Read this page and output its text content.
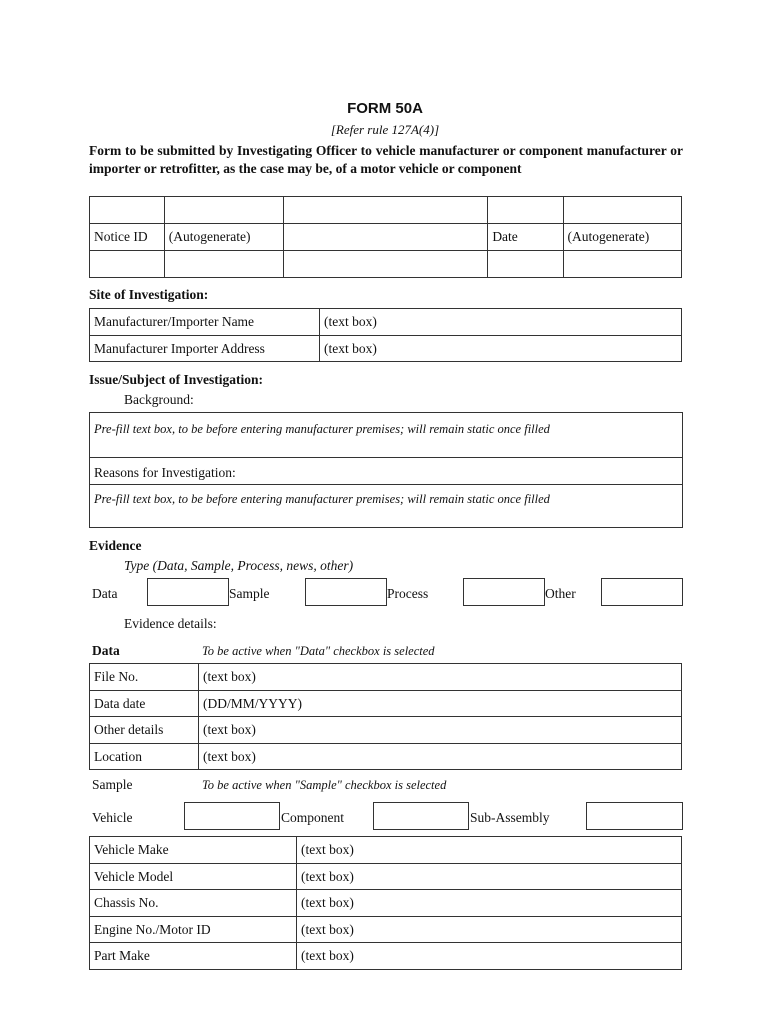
FORM 50A
[Refer rule 127A(4)]
Form to be submitted by Investigating Officer to vehicle manufacturer or component manufacturer or importer or retrofitter, as the case may be, of a motor vehicle or component

Notice ID	(Autogenerate)		Date	(Autogenerate)

Site of Investigation:
Manufacturer/Importer Name	(text box)
Manufacturer Importer Address	(text box)
Issue/Subject of Investigation:
Background:
Pre-fill text box, to be before entering manufacturer premises; will remain static once filled
Reasons for Investigation:
Pre-fill text box, to be before entering manufacturer premises; will remain static once filled
Evidence
Type (Data, Sample, Process, news, other)
Data	Sample	Process	Other
Evidence details:
Data	To be active when "Data" checkbox is selected
File No.	(text box)
Data date	(DD/MM/YYYY)
Other details	(text box)
Location	(text box)
Sample	To be active when "Sample" checkbox is selected
Vehicle	Component	Sub-Assembly
Vehicle Make	(text box)
Vehicle Model	(text box)
Chassis No.	(text box)
Engine No./Motor ID	(text box)
Part Make	(text box)
